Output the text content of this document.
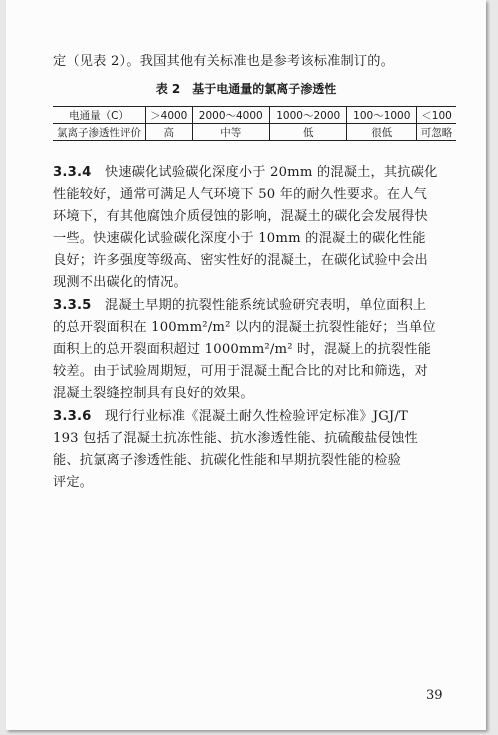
定（见表 2）。我国其他有关标准也是参考该标准制订的。
表 2　基于电通量的氯离子渗透性
电通量（C）	＞4000	2000～4000	1000～2000	100～1000	＜100
氯离子渗透性评价	高	中等	低	很低	可忽略
3.3.4　 快速碳化试验碳化深度小于 20mm 的混凝土，其抗碳化
性能较好，通常可满足人气环境下 50 年的耐久性要求。在人气
环境下，有其他腐蚀介质侵蚀的影响，混凝土的碳化会发展得快
一些。快速碳化试验碳化深度小于 10mm 的混凝土的碳化性能
良好；许多强度等级高、密实性好的混凝土，在碳化试验中会出
现测不出碳化的情况。
3.3.5　 混凝土早期的抗裂性能系统试验研究表明，单位面积上
的总开裂面积在 100mm²/m² 以内的混凝土抗裂性能好；当单位
面积上的总开裂面积超过 1000mm²/m² 时，混凝上的抗裂性能
较差。由于试验周期短，可用于混凝土配合比的对比和筛选，对
混凝土裂缝控制具有良好的效果。
3.3.6　 现行行业标准《混凝土耐久性检验评定标准》JGJ/T
193 包括了混凝土抗冻性能、抗水渗透性能、抗硫酸盐侵蚀性
能、抗氯离子渗透性能、抗碳化性能和早期抗裂性能的检验
评定。
39
